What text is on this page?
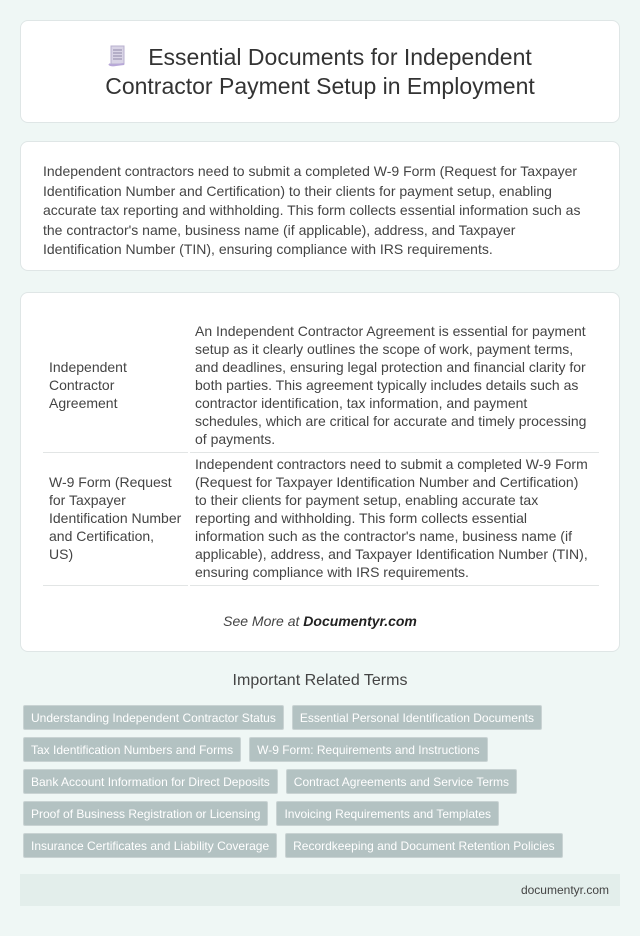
Essential Documents for Independent Contractor Payment Setup in Employment

Independent contractors need to submit a completed W-9 Form (Request for Taxpayer Identification Number and Certification) to their clients for payment setup, enabling accurate tax reporting and withholding. This form collects essential information such as the contractor's name, business name (if applicable), address, and Taxpayer Identification Number (TIN), ensuring compliance with IRS requirements.

Independent Contractor Agreement	An Independent Contractor Agreement is essential for payment setup as it clearly outlines the scope of work, payment terms, and deadlines, ensuring legal protection and financial clarity for both parties. This agreement typically includes details such as contractor identification, tax information, and payment schedules, which are critical for accurate and timely processing of payments.
W-9 Form (Request for Taxpayer Identification Number and Certification, US)	Independent contractors need to submit a completed W-9 Form (Request for Taxpayer Identification Number and Certification) to their clients for payment setup, enabling accurate tax reporting and withholding. This form collects essential information such as the contractor's name, business name (if applicable), address, and Taxpayer Identification Number (TIN), ensuring compliance with IRS requirements.
See More at Documentyr.com
Important Related Terms
Understanding Independent Contractor Status	Essential Personal Identification Documents
Tax Identification Numbers and Forms	W-9 Form: Requirements and Instructions
Bank Account Information for Direct Deposits	Contract Agreements and Service Terms
Proof of Business Registration or Licensing	Invoicing Requirements and Templates
Insurance Certificates and Liability Coverage	Recordkeeping and Document Retention Policies
documentyr.com
